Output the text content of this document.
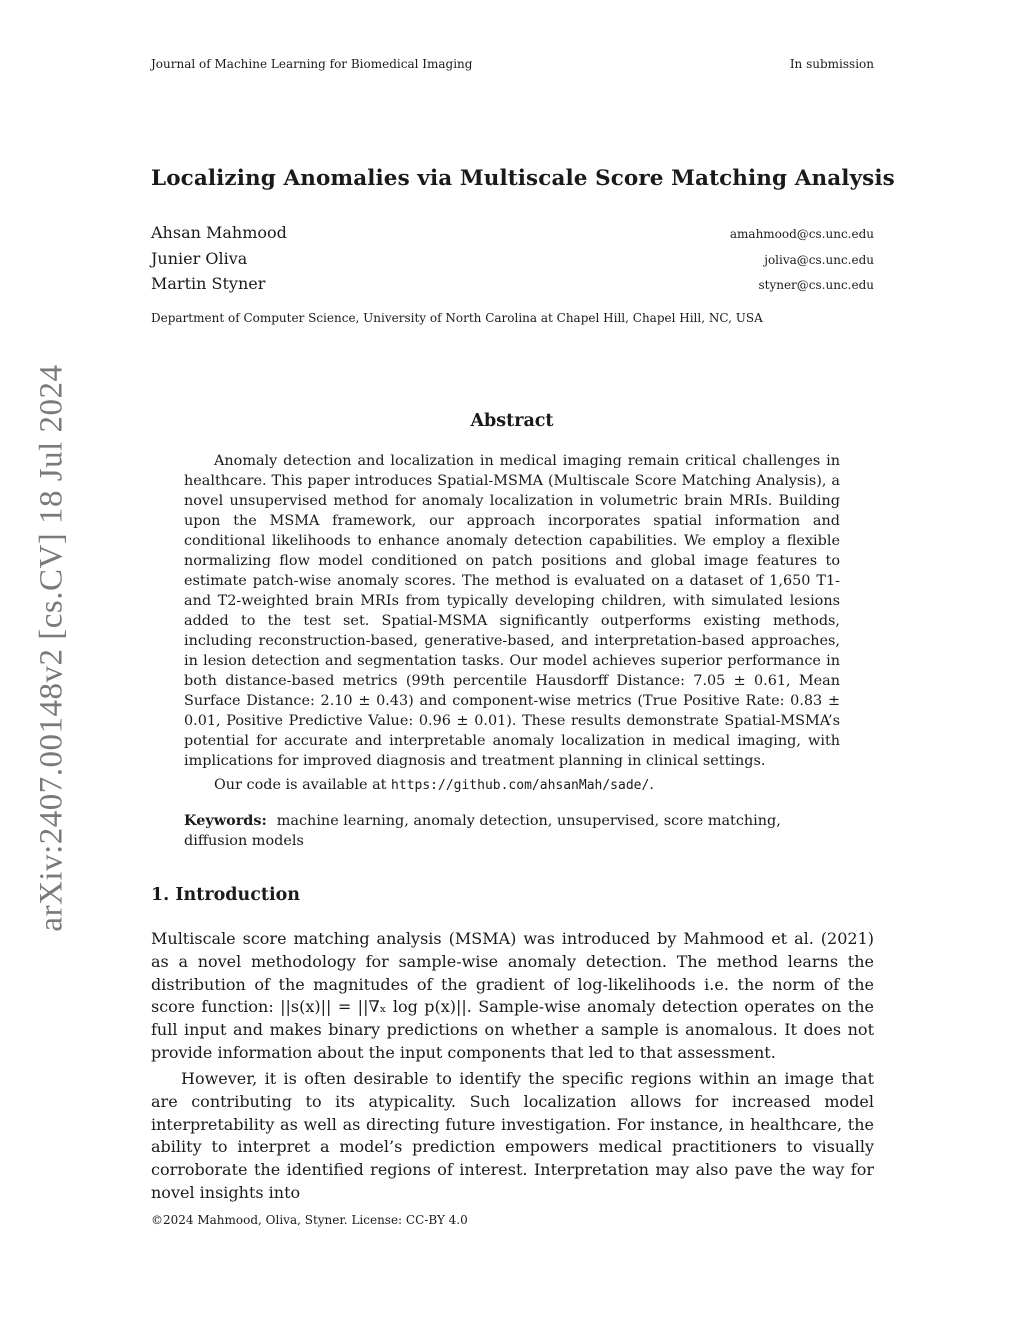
Journal of Machine Learning for Biomedical Imaging	In submission
arXiv:2407.00148v2 [cs.CV] 18 Jul 2024
Localizing Anomalies via Multiscale Score Matching Analysis
Ahsan Mahmood	amahmood@cs.unc.edu
Junier Oliva	joliva@cs.unc.edu
Martin Styner	styner@cs.unc.edu
Department of Computer Science, University of North Carolina at Chapel Hill, Chapel Hill, NC, USA
Abstract

Anomaly detection and localization in medical imaging remain critical challenges in healthcare. This paper introduces Spatial-MSMA (Multiscale Score Matching Analysis), a novel unsupervised method for anomaly localization in volumetric brain MRIs. Building upon the MSMA framework, our approach incorporates spatial information and conditional likelihoods to enhance anomaly detection capabilities. We employ a flexible normalizing flow model conditioned on patch positions and global image features to estimate patch-wise anomaly scores. The method is evaluated on a dataset of 1,650 T1- and T2-weighted brain MRIs from typically developing children, with simulated lesions added to the test set. Spatial-MSMA significantly outperforms existing methods, including reconstruction-based, generative-based, and interpretation-based approaches, in lesion detection and segmentation tasks. Our model achieves superior performance in both distance-based metrics (99th percentile Hausdorff Distance: 7.05 ± 0.61, Mean Surface Distance: 2.10 ± 0.43) and component-wise metrics (True Positive Rate: 0.83 ± 0.01, Positive Predictive Value: 0.96 ± 0.01). These results demonstrate Spatial-MSMA’s potential for accurate and interpretable anomaly localization in medical imaging, with implications for improved diagnosis and treatment planning in clinical settings.

Our code is available at https://github.com/ahsanMah/sade/.
Keywords: machine learning, anomaly detection, unsupervised, score matching, diffusion models
1. Introduction
Multiscale score matching analysis (MSMA) was introduced by Mahmood et al. (2021) as a novel methodology for sample-wise anomaly detection. The method learns the distribution of the magnitudes of the gradient of log-likelihoods i.e. the norm of the score function: ||s(x)|| = ||∇ₓ log p(x)||. Sample-wise anomaly detection operates on the full input and makes binary predictions on whether a sample is anomalous. It does not provide information about the input components that led to that assessment.
However, it is often desirable to identify the specific regions within an image that are contributing to its atypicality. Such localization allows for increased model interpretability as well as directing future investigation. For instance, in healthcare, the ability to interpret a model’s prediction empowers medical practitioners to visually corroborate the identified regions of interest. Interpretation may also pave the way for novel insights into
©2024 Mahmood, Oliva, Styner. License: CC-BY 4.0
